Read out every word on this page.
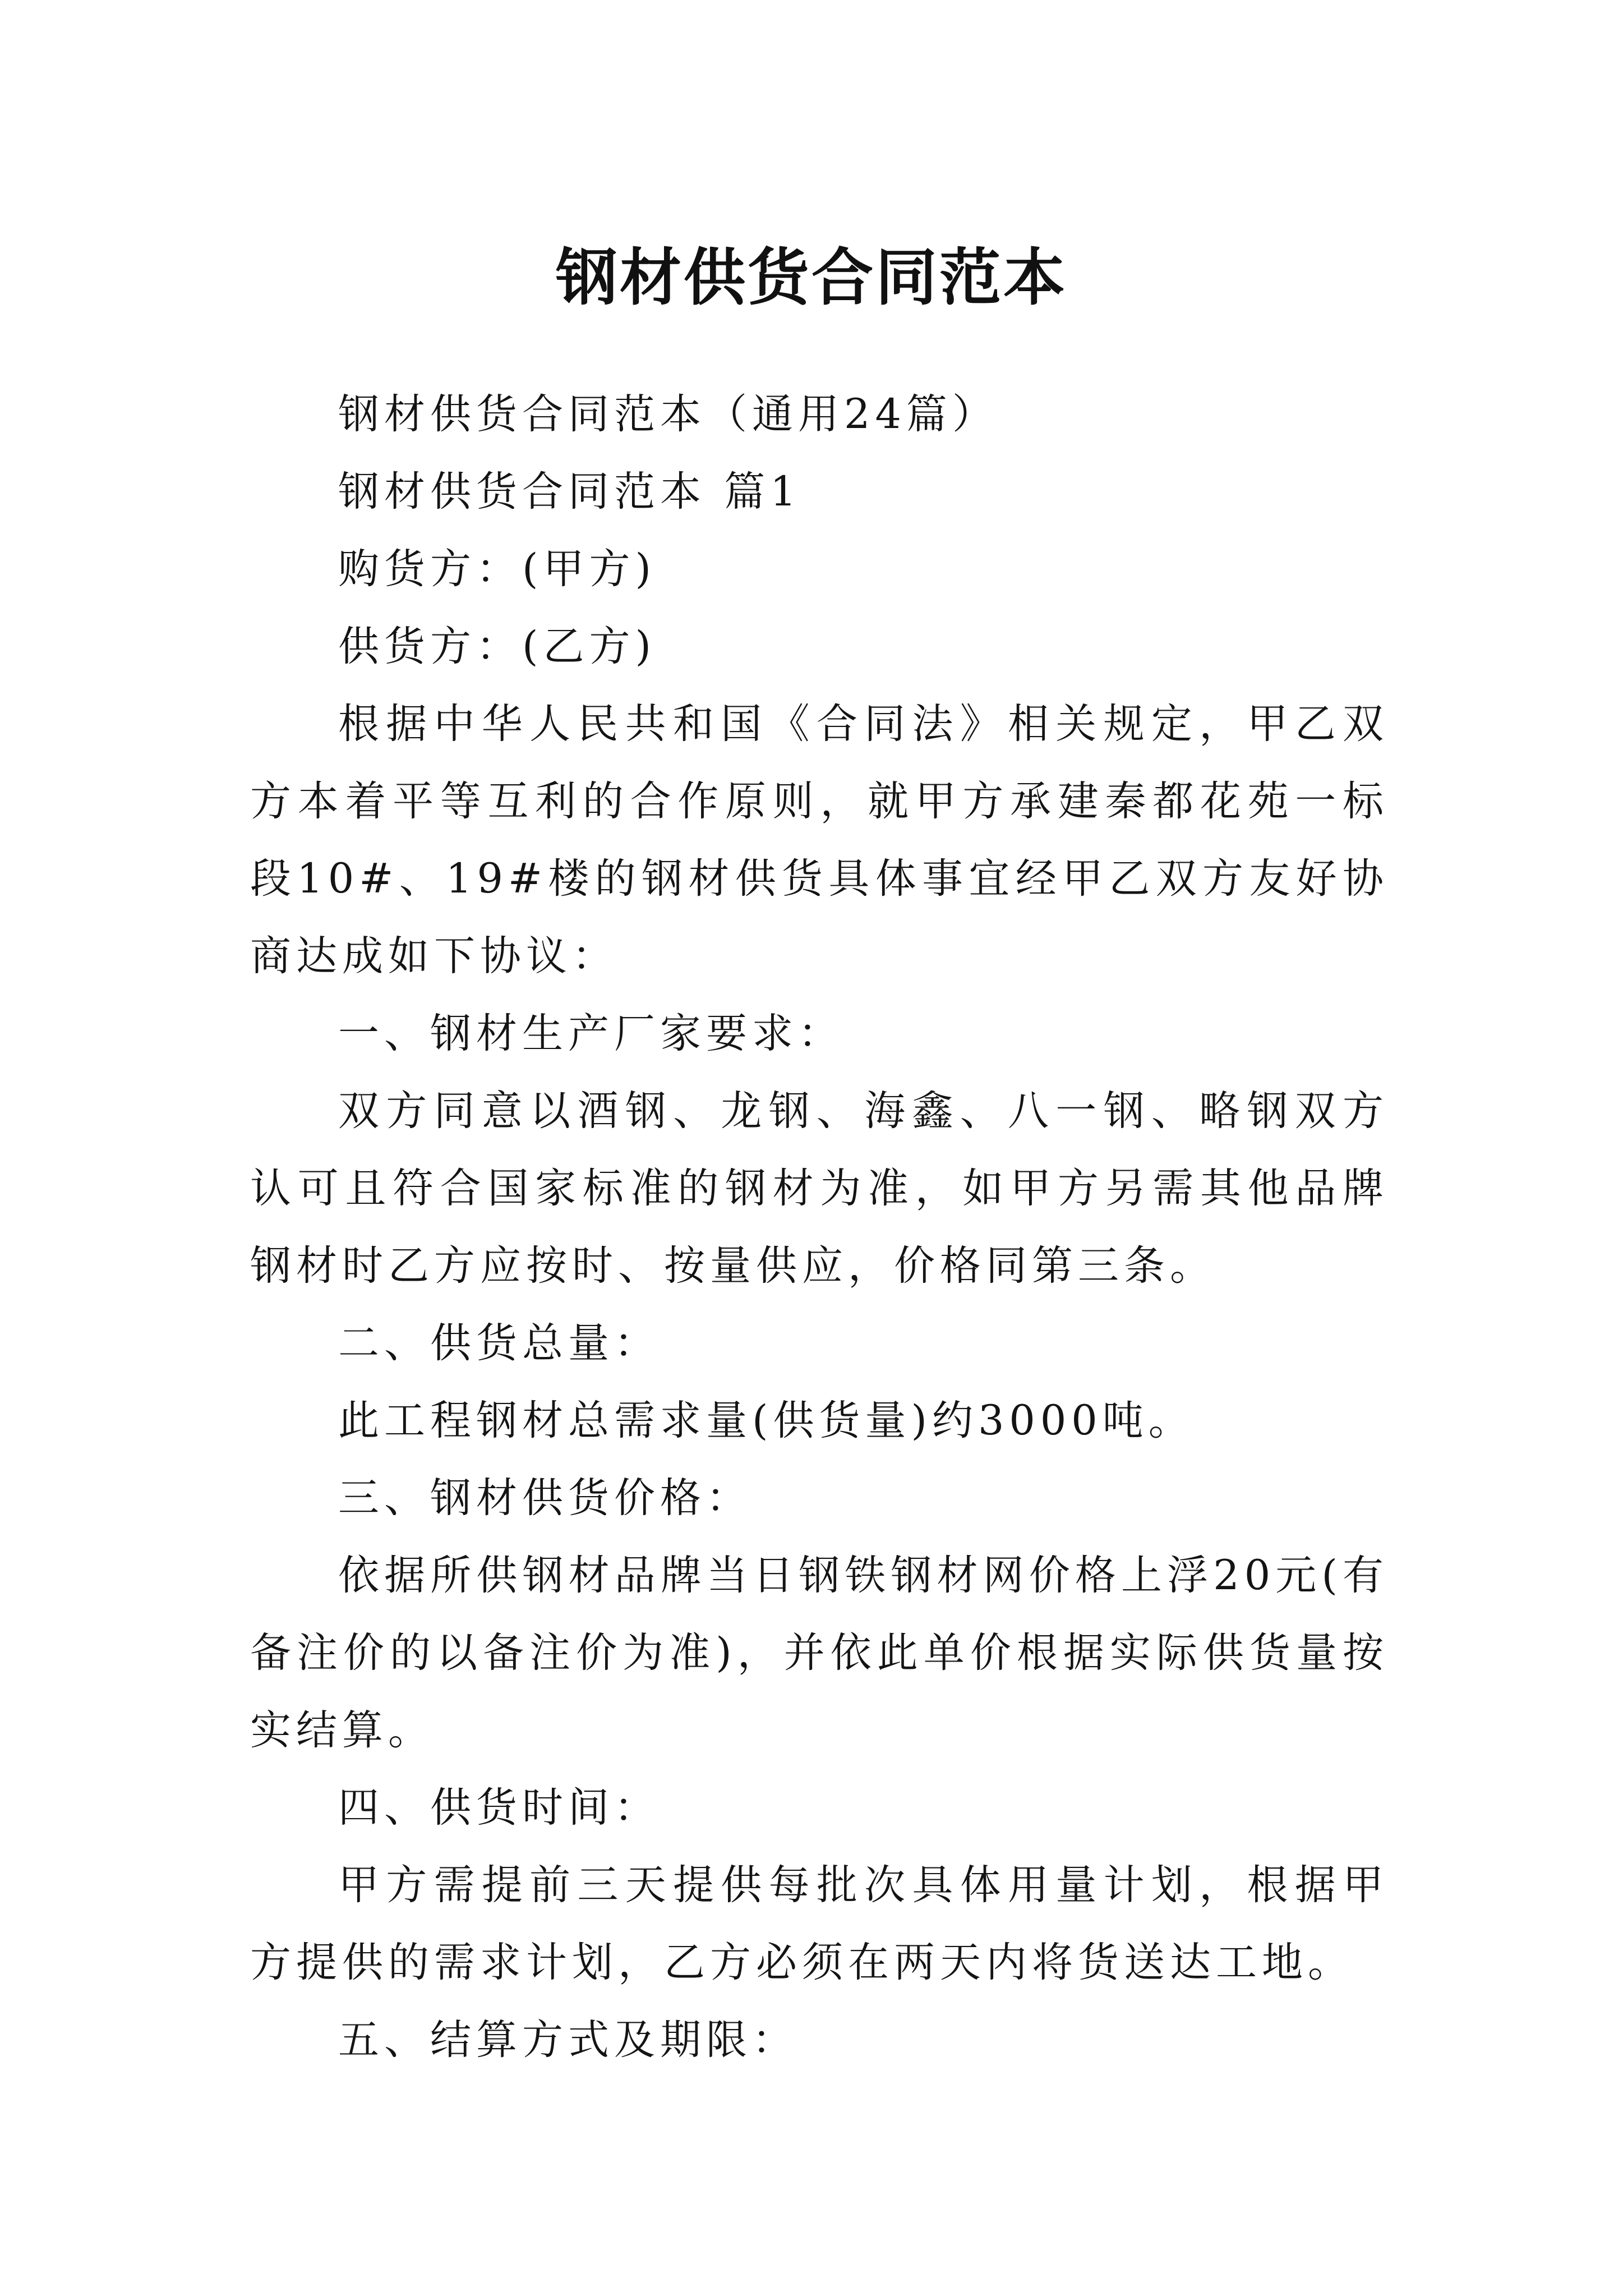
钢材供货合同范本

钢材供货合同范本（通用24篇）

钢材供货合同范本 篇1

购货方：(甲方)

供货方：(乙方)

根据中华人民共和国《合同法》相关规定，甲乙双方本着平等互利的合作原则，就甲方承建秦都花苑一标段10#、19#楼的钢材供货具体事宜经甲乙双方友好协商达成如下协议：

一、钢材生产厂家要求：

双方同意以酒钢、龙钢、海鑫、八一钢、略钢双方认可且符合国家标准的钢材为准，如甲方另需其他品牌钢材时乙方应按时、按量供应，价格同第三条。

二、供货总量：

此工程钢材总需求量(供货量)约3000吨。

三、钢材供货价格：

依据所供钢材品牌当日钢铁钢材网价格上浮20元(有备注价的以备注价为准)，并依此单价根据实际供货量按实结算。

四、供货时间：

甲方需提前三天提供每批次具体用量计划，根据甲方提供的需求计划，乙方必须在两天内将货送达工地。

五、结算方式及期限：
